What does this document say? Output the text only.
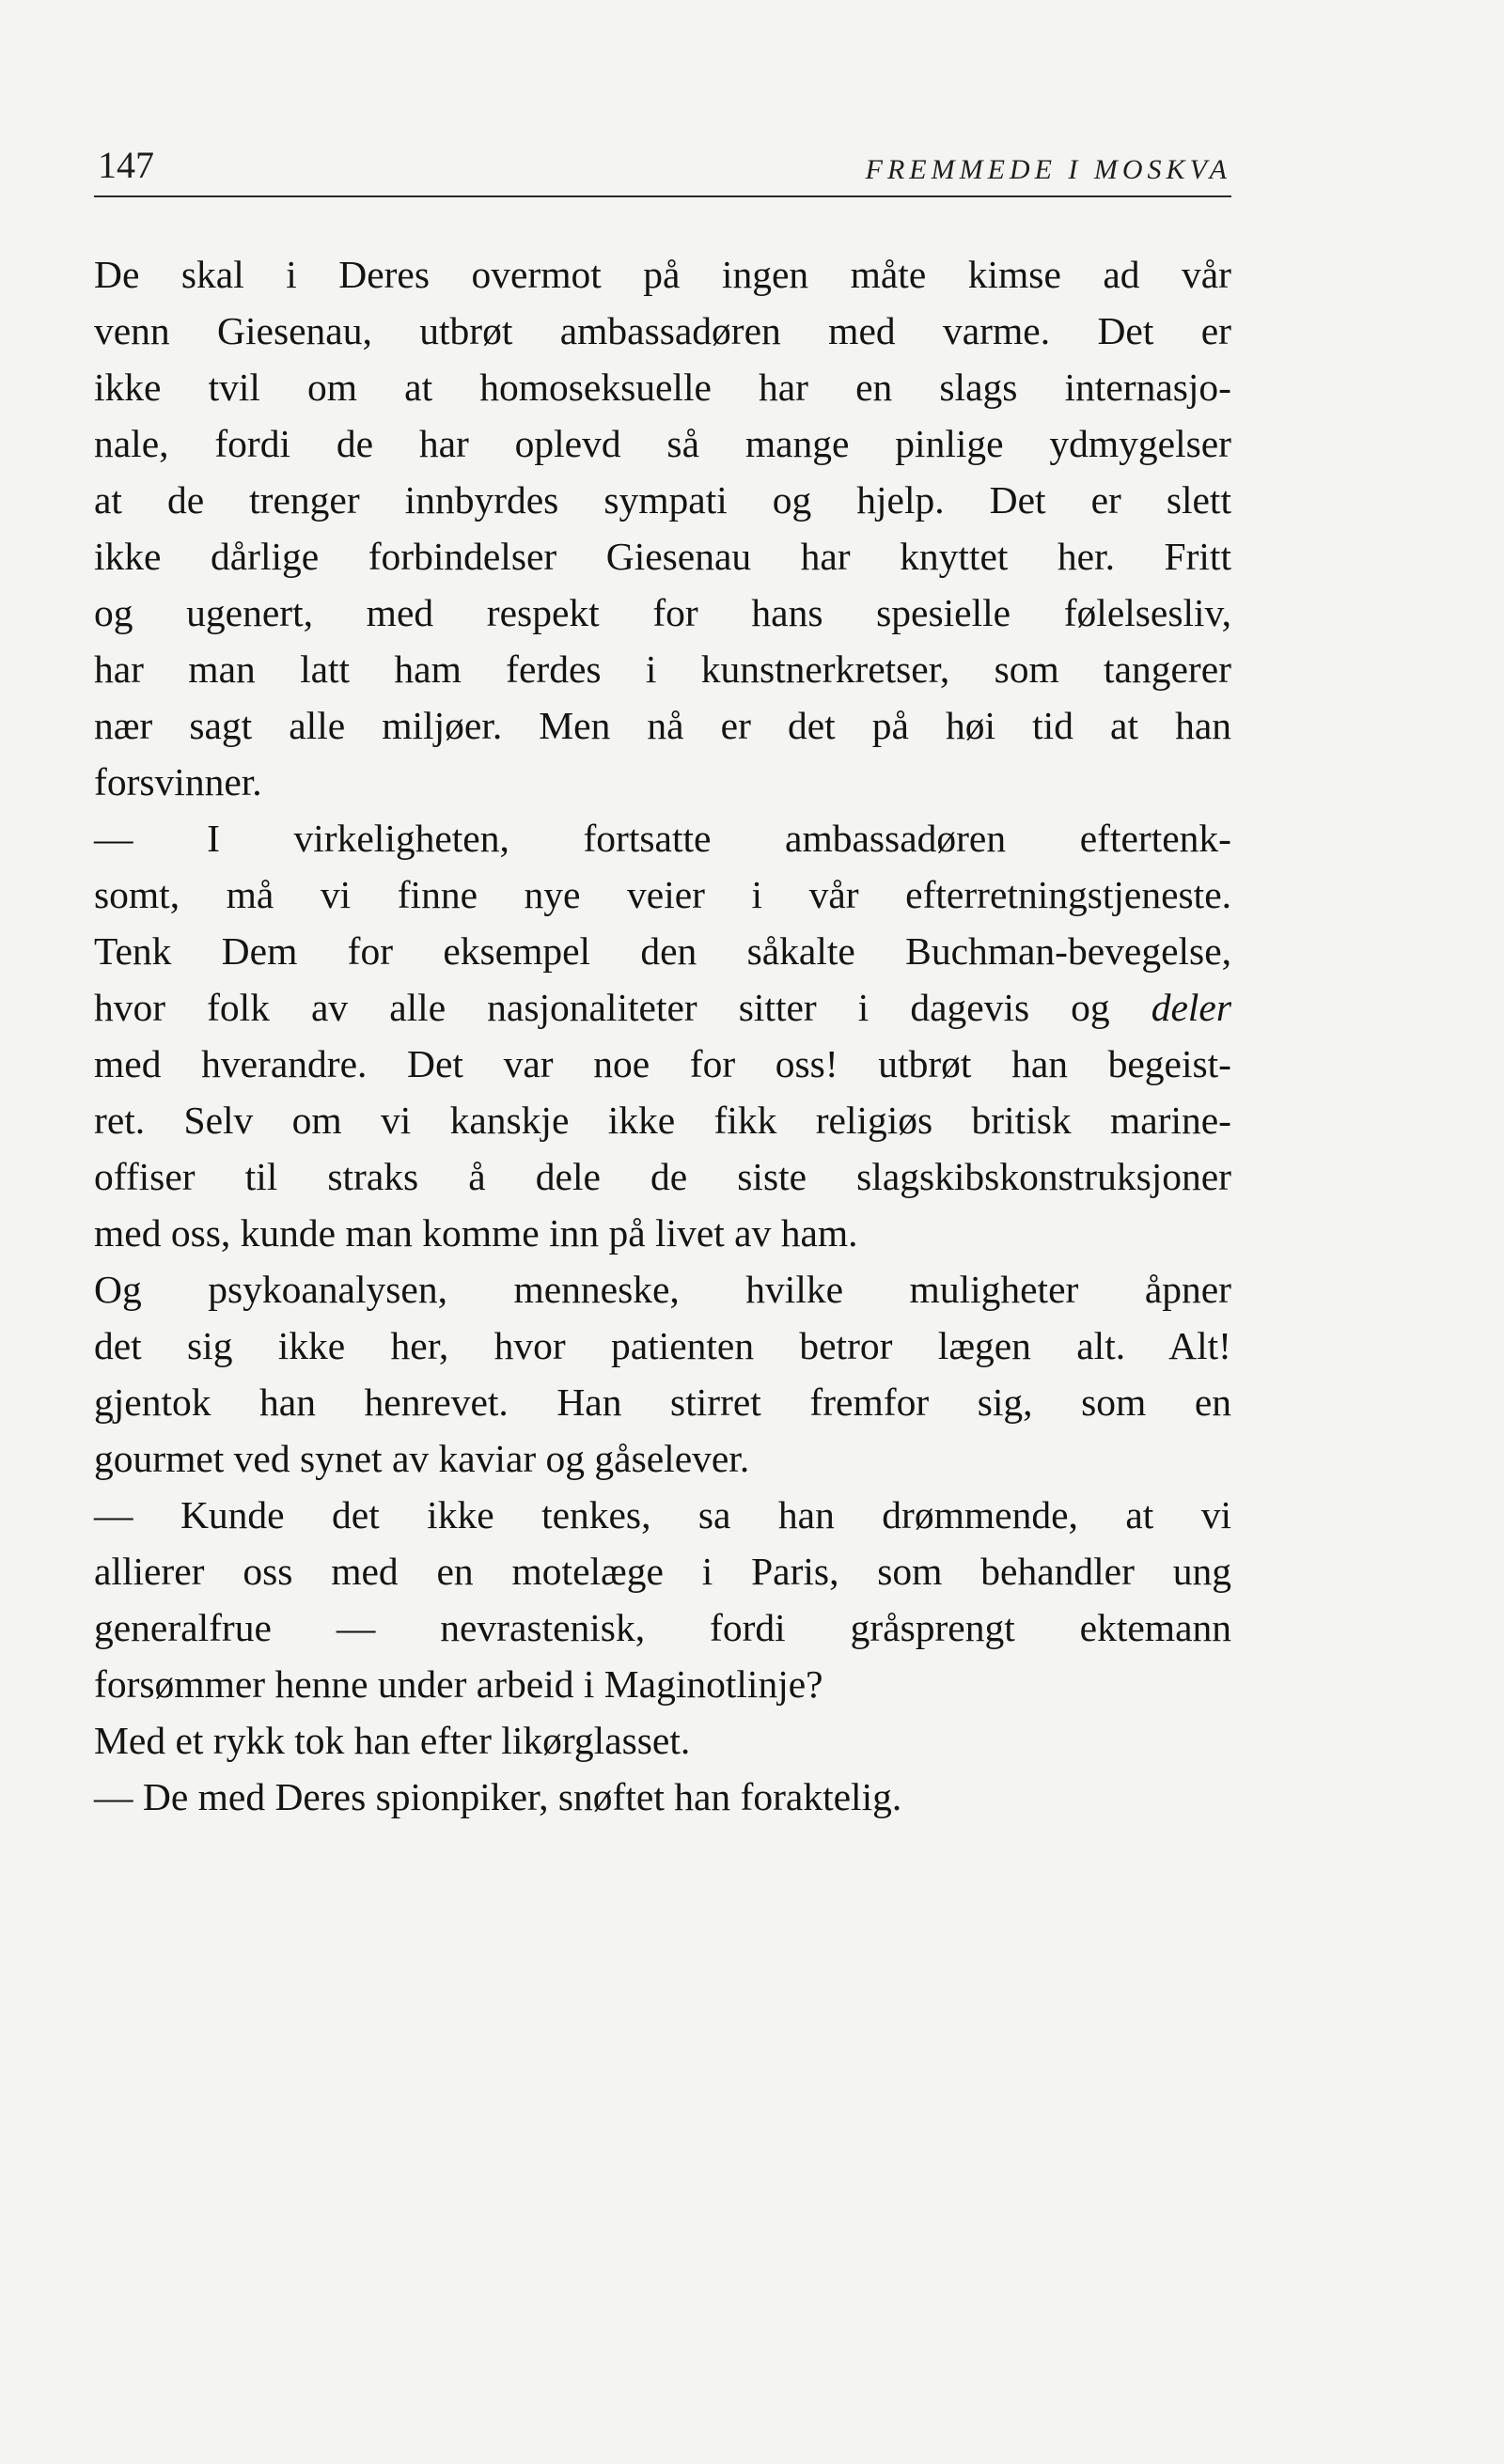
147	FREMMEDE I MOSKVA
De skal i Deres overmot på ingen måte kimse ad vår
venn Giesenau, utbrøt ambassadøren med varme. Det er
ikke tvil om at homoseksuelle har en slags internasjo-
nale, fordi de har oplevd så mange pinlige ydmygelser
at de trenger innbyrdes sympati og hjelp. Det er slett
ikke dårlige forbindelser Giesenau har knyttet her. Fritt
og ugenert, med respekt for hans spesielle følelsesliv,
har man latt ham ferdes i kunstnerkretser, som tangerer
nær sagt alle miljøer. Men nå er det på høi tid at han
forsvinner.
— I virkeligheten, fortsatte ambassadøren eftertenk-
somt, må vi finne nye veier i vår efterretningstjeneste.
Tenk Dem for eksempel den såkalte Buchman-bevegelse,
hvor folk av alle nasjonaliteter sitter i dagevis og deler
med hverandre. Det var noe for oss! utbrøt han begeist-
ret. Selv om vi kanskje ikke fikk religiøs britisk marine-
offiser til straks å dele de siste slagskibskonstruksjoner
med oss, kunde man komme inn på livet av ham.
Og psykoanalysen, menneske, hvilke muligheter åpner
det sig ikke her, hvor patienten betror lægen alt. Alt!
gjentok han henrevet. Han stirret fremfor sig, som en
gourmet ved synet av kaviar og gåselever.
— Kunde det ikke tenkes, sa han drømmende, at vi
allierer oss med en motelæge i Paris, som behandler ung
generalfrue — nevrastenisk, fordi gråsprengt ektemann
forsømmer henne under arbeid i Maginotlinje?
Med et rykk tok han efter likørglasset.
— De med Deres spionpiker, snøftet han foraktelig.
